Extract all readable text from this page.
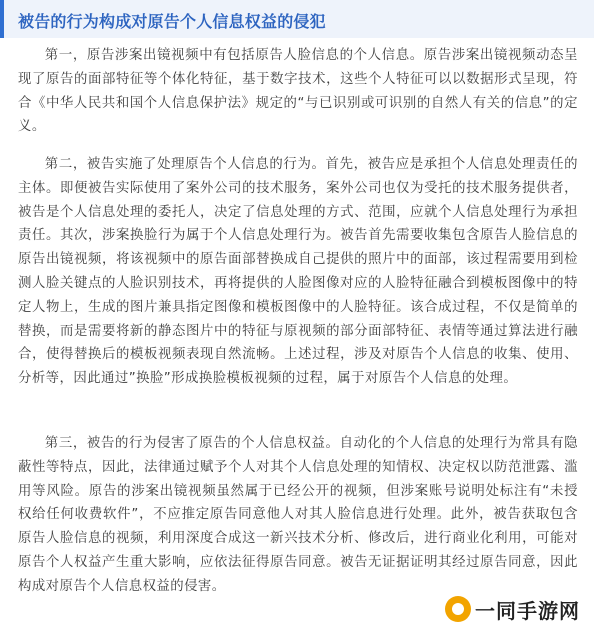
被告的行为构成对原告个人信息权益的侵犯

第一，原告涉案出镜视频中有包括原告人脸信息的个人信息。原告涉案出镜视频动态呈现了原告的面部特征等个体化特征，基于数字技术，这些个人特征可以以数据形式呈现，符合《中华人民共和国个人信息保护法》规定的“与已识别或可识别的自然人有关的信息”的定义。

第二，被告实施了处理原告个人信息的行为。首先，被告应是承担个人信息处理责任的主体。即便被告实际使用了案外公司的技术服务，案外公司也仅为受托的技术服务提供者，被告是个人信息处理的委托人，决定了信息处理的方式、范围，应就个人信息处理行为承担责任。其次，涉案换脸行为属于个人信息处理行为。被告首先需要收集包含原告人脸信息的原告出镜视频，将该视频中的原告面部替换成自己提供的照片中的面部，该过程需要用到检测人脸关键点的人脸识别技术，再将提供的人脸图像对应的人脸特征融合到模板图像中的特定人物上，生成的图片兼具指定图像和模板图像中的人脸特征。该合成过程，不仅是简单的替换，而是需要将新的静态图片中的特征与原视频的部分面部特征、表情等通过算法进行融合，使得替换后的模板视频表现自然流畅。上述过程，涉及对原告个人信息的收集、使用、分析等，因此通过”换脸”形成换脸模板视频的过程，属于对原告个人信息的处理。

第三，被告的行为侵害了原告的个人信息权益。自动化的个人信息的处理行为常具有隐蔽性等特点，因此，法律通过赋予个人对其个人信息处理的知情权、决定权以防范泄露、滥用等风险。原告的涉案出镜视频虽然属于已经公开的视频，但涉案账号说明处标注有“未授权给任何收费软件”，不应推定原告同意他人对其人脸信息进行处理。此外，被告获取包含原告人脸信息的视频，利用深度合成这一新兴技术分析、修改后，进行商业化利用，可能对原告个人权益产生重大影响，应依法征得原告同意。被告无证据证明其经过原告同意，因此构成对原告个人信息权益的侵害。

一同手游网
